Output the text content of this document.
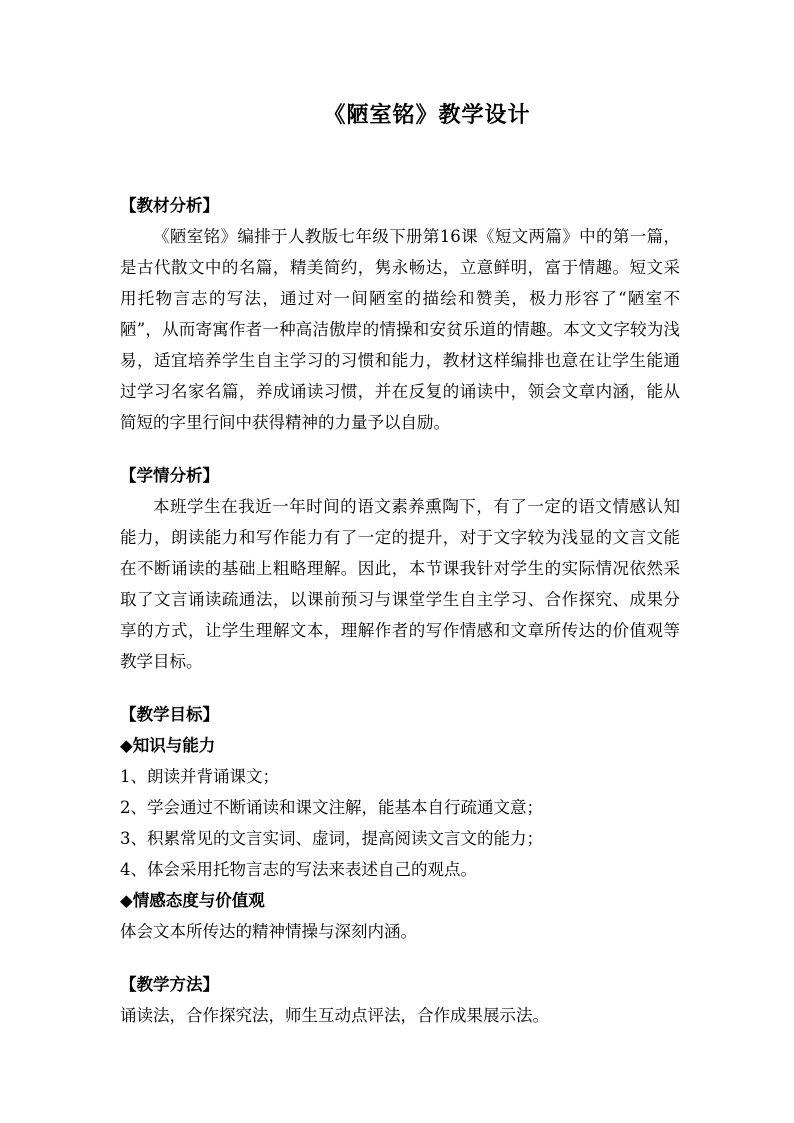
《陋室铭》教学设计

【教材分析】

《陋室铭》编排于人教版七年级下册第16课《短文两篇》中的第一篇，是古代散文中的名篇，精美简约，隽永畅达，立意鲜明，富于情趣。短文采用托物言志的写法，通过对一间陋室的描绘和赞美，极力形容了“陋室不陋”，从而寄寓作者一种高洁傲岸的情操和安贫乐道的情趣。本文文字较为浅易，适宜培养学生自主学习的习惯和能力，教材这样编排也意在让学生能通过学习名家名篇，养成诵读习惯，并在反复的诵读中，领会文章内涵，能从简短的字里行间中获得精神的力量予以自励。

【学情分析】

本班学生在我近一年时间的语文素养熏陶下，有了一定的语文情感认知能力，朗读能力和写作能力有了一定的提升，对于文字较为浅显的文言文能在不断诵读的基础上粗略理解。因此，本节课我针对学生的实际情况依然采取了文言诵读疏通法，以课前预习与课堂学生自主学习、合作探究、成果分享的方式，让学生理解文本，理解作者的写作情感和文章所传达的价值观等教学目标。

【教学目标】

◆知识与能力

1、朗读并背诵课文；

2、学会通过不断诵读和课文注解，能基本自行疏通文意；

3、积累常见的文言实词、虚词，提高阅读文言文的能力；

4、体会采用托物言志的写法来表述自己的观点。

◆情感态度与价值观

体会文本所传达的精神情操与深刻内涵。

【教学方法】

诵读法，合作探究法，师生互动点评法，合作成果展示法。
